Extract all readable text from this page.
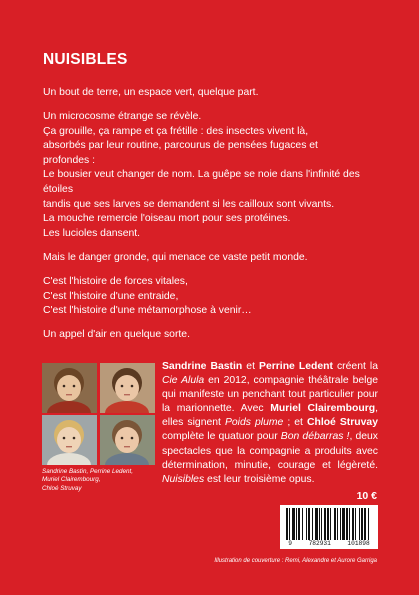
NUISIBLES

Un bout de terre, un espace vert, quelque part.

Un microcosme étrange se révèle.
Ça grouille, ça rampe et ça frétille : des insectes vivent là,
absorbés par leur routine, parcourus de pensées fugaces et
profondes :
Le bousier veut changer de nom. La guêpe se noie dans l'infinité des
étoiles
tandis que ses larves se demandent si les cailloux sont vivants.
La mouche remercie l'oiseau mort pour ses protéines.
Les lucioles dansent.

Mais le danger gronde, qui menace ce vaste petit monde.

C'est l'histoire de forces vitales,
C'est l'histoire d'une entraide,
C'est l'histoire d'une métamorphose à venir…

Un appel d'air en quelque sorte.

Sandrine Bastin, Perrine Ledent,
Muriel Clairembourg,
Chloé Struvay
Sandrine Bastin et Perrine Ledent créent la Cie Alula en 2012, compagnie théâtrale belge qui manifeste un penchant tout particulier pour la marionnette. Avec Muriel Clairembourg, elles signent Poids plume ; et Chloé Struvay complète le quatuor pour Bon débarras !, deux spectacles que la compagnie a produits avec détermination, minutie, courage et légèreté. Nuisibles est leur troisième opus.
10 €
9	782931	101898
Illustration de couverture : Remi, Alexandre et Aurore Garriga
